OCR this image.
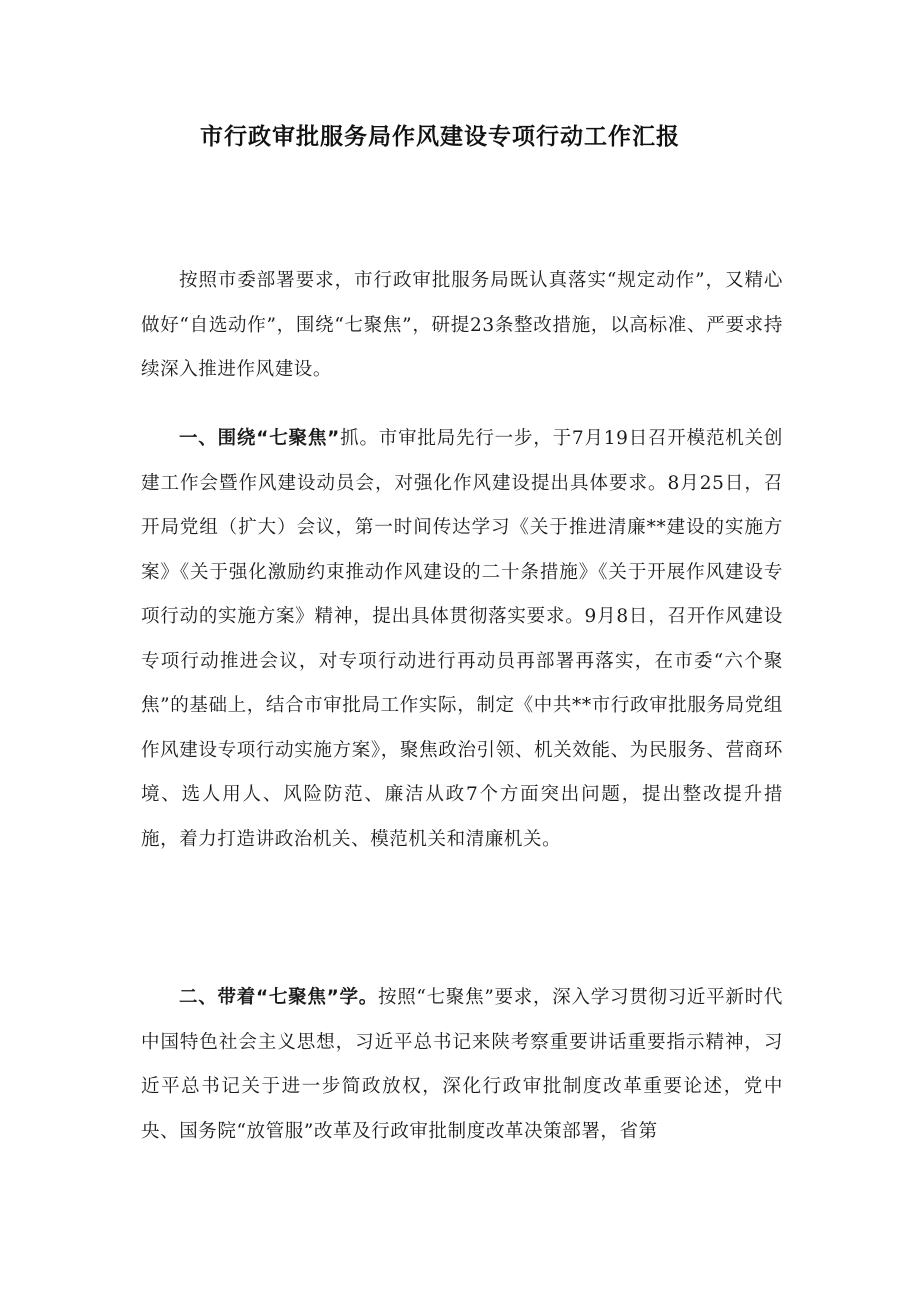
市行政审批服务局作风建设专项行动工作汇报

按照市委部署要求，市行政审批服务局既认真落实“规定动作”，又精心做好“自选动作”，围绕“七聚焦”，研提23条整改措施，以高标准、严要求持续深入推进作风建设。

一、围绕“七聚焦”抓。市审批局先行一步，于7月19日召开模范机关创建工作会暨作风建设动员会，对强化作风建设提出具体要求。8月25日，召开局党组（扩大）会议，第一时间传达学习《关于推进清廉**建设的实施方案》《关于强化激励约束推动作风建设的二十条措施》《关于开展作风建设专项行动的实施方案》精神，提出具体贯彻落实要求。9月8日，召开作风建设专项行动推进会议，对专项行动进行再动员再部署再落实，在市委“六个聚焦”的基础上，结合市审批局工作实际，制定《中共**市行政审批服务局党组作风建设专项行动实施方案》，聚焦政治引领、机关效能、为民服务、营商环境、选人用人、风险防范、廉洁从政7个方面突出问题，提出整改提升措施，着力打造讲政治机关、模范机关和清廉机关。

二、带着“七聚焦”学。按照“七聚焦”要求，深入学习贯彻习近平新时代中国特色社会主义思想，习近平总书记来陕考察重要讲话重要指示精神，习近平总书记关于进一步简政放权，深化行政审批制度改革重要论述，党中央、国务院“放管服”改革及行政审批制度改革决策部署，省第
